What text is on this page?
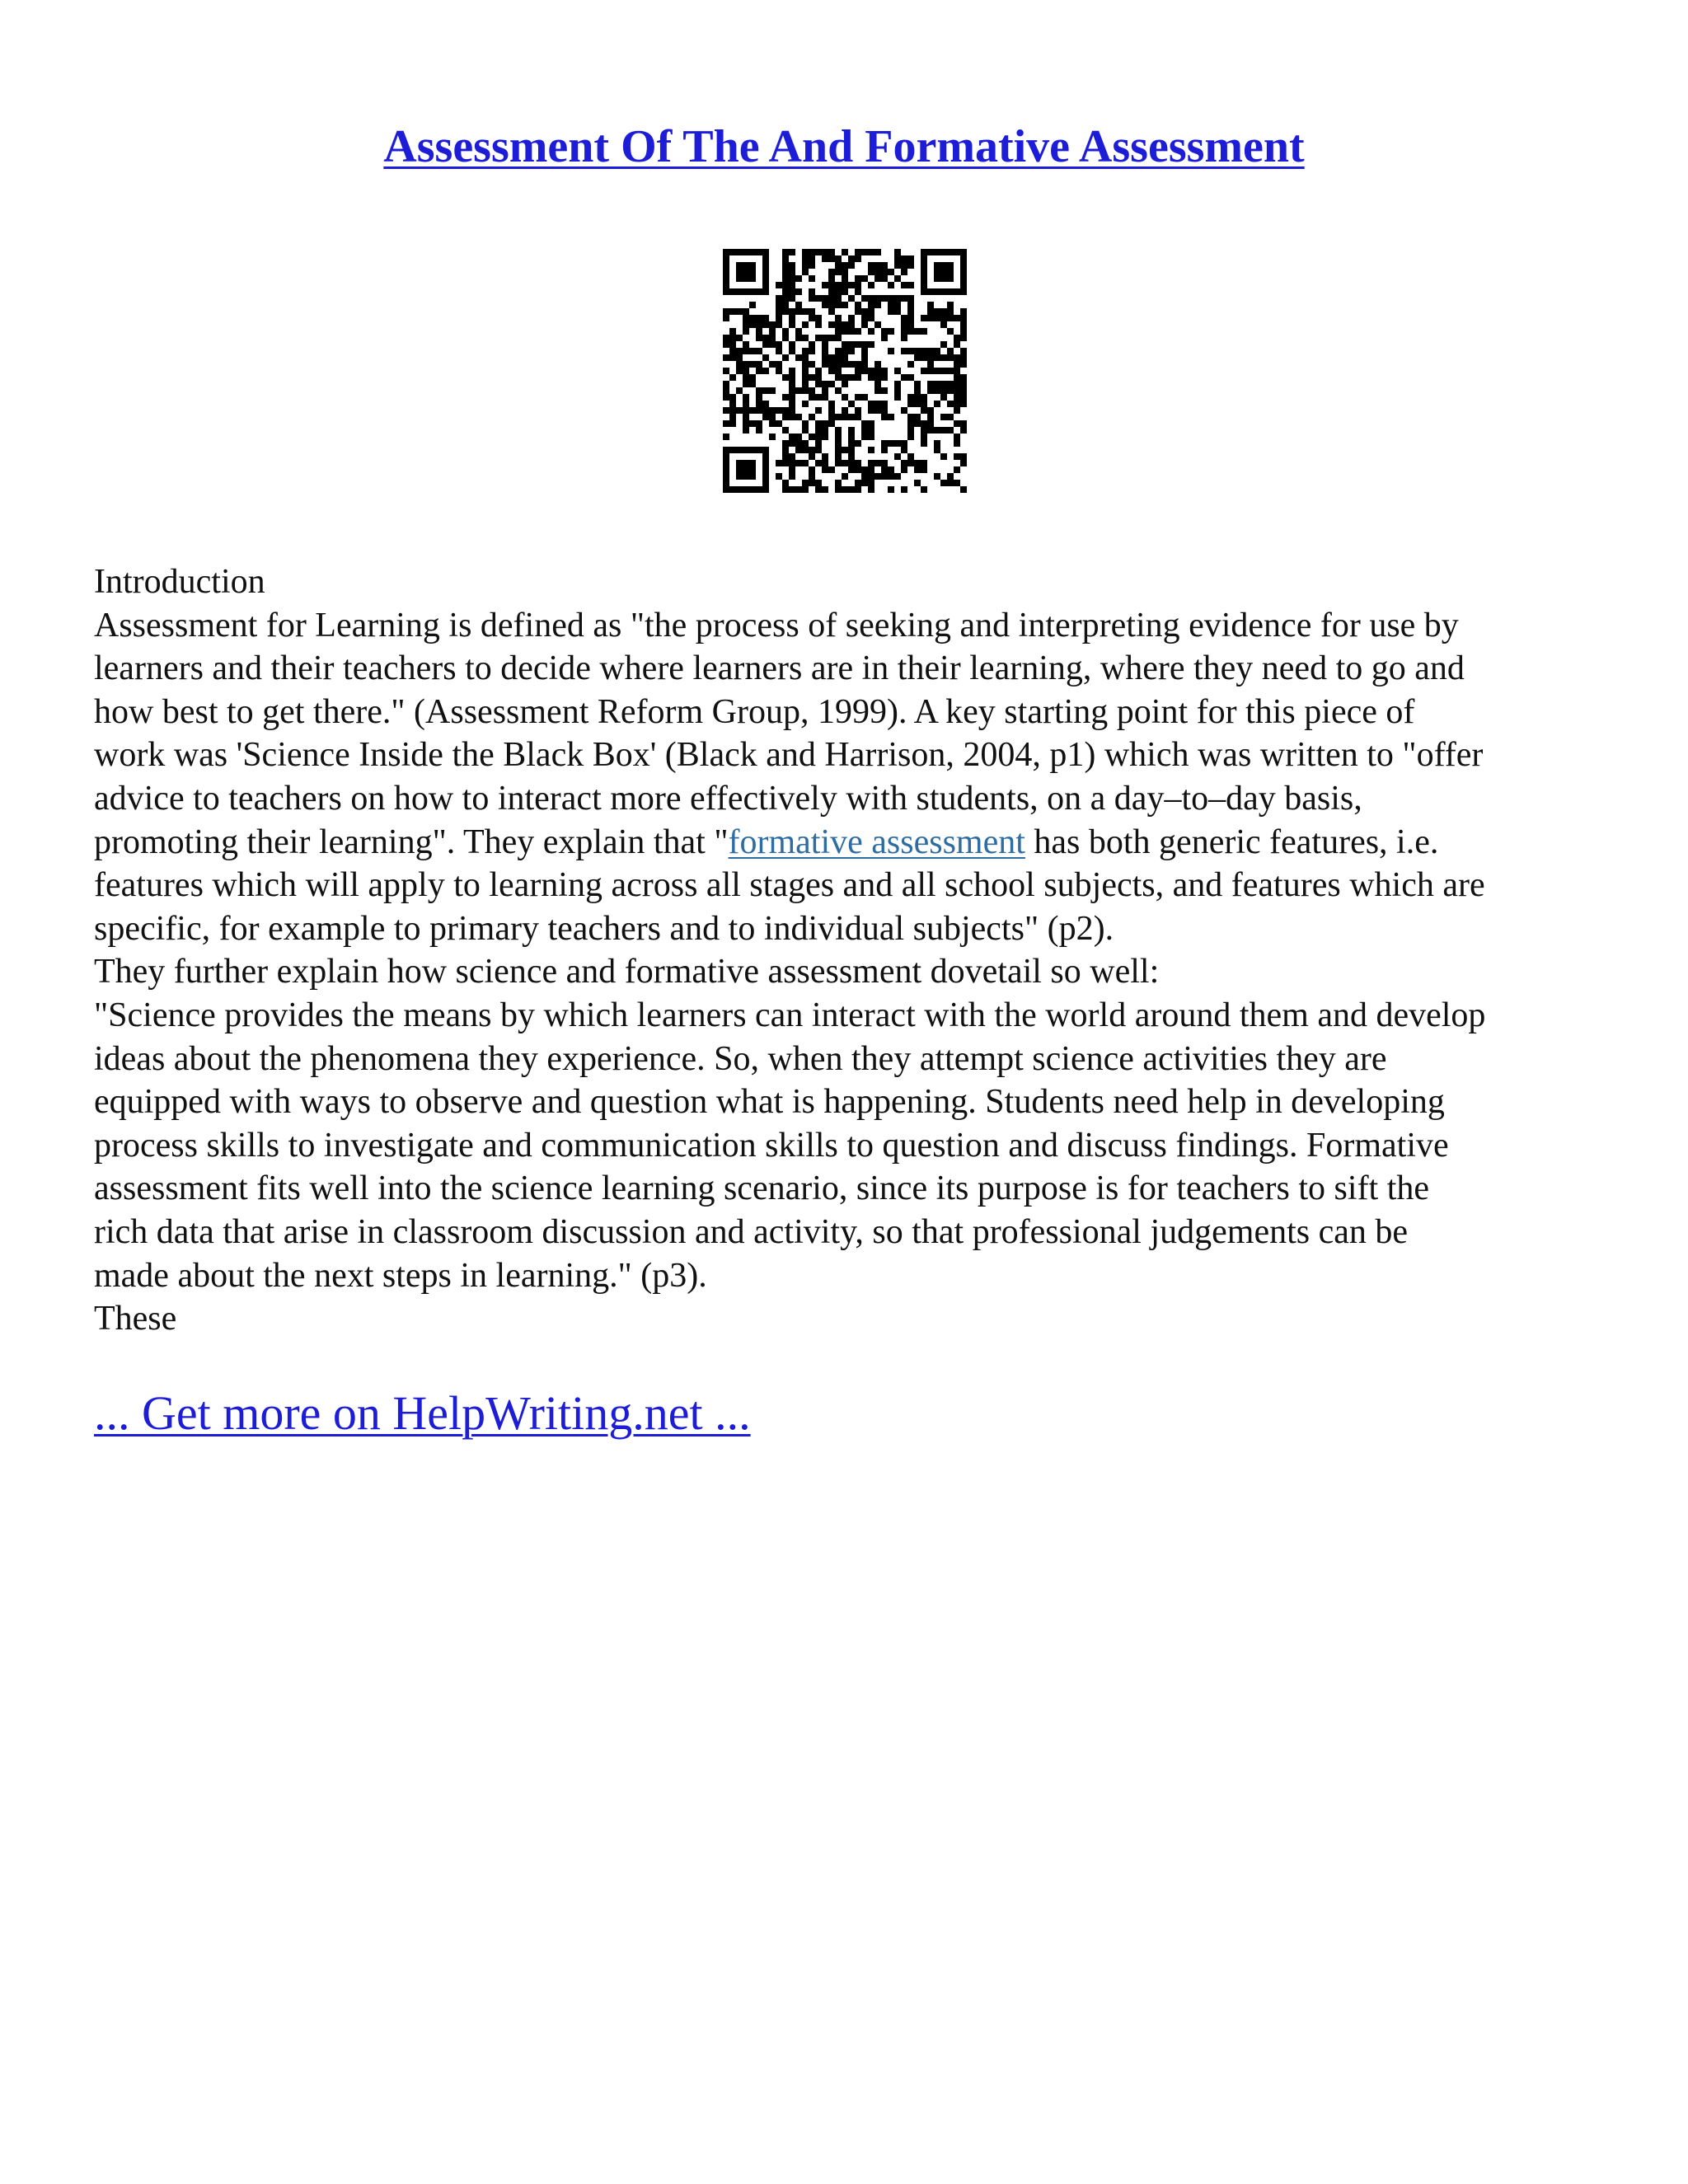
Assessment Of The And Formative Assessment
Introduction
Assessment for Learning is defined as "the process of seeking and interpreting evidence for use by
learners and their teachers to decide where learners are in their learning, where they need to go and
how best to get there." (Assessment Reform Group, 1999). A key starting point for this piece of
work was 'Science Inside the Black Box' (Black and Harrison, 2004, p1) which was written to "offer
advice to teachers on how to interact more effectively with students, on a day–to–day basis,
promoting their learning". They explain that "formative assessment has both generic features, i.e.
features which will apply to learning across all stages and all school subjects, and features which are
specific, for example to primary teachers and to individual subjects" (p2).
They further explain how science and formative assessment dovetail so well:
"Science provides the means by which learners can interact with the world around them and develop
ideas about the phenomena they experience. So, when they attempt science activities they are
equipped with ways to observe and question what is happening. Students need help in developing
process skills to investigate and communication skills to question and discuss findings. Formative
assessment fits well into the science learning scenario, since its purpose is for teachers to sift the
rich data that arise in classroom discussion and activity, so that professional judgements can be
made about the next steps in learning." (p3).
These
... Get more on HelpWriting.net ...
